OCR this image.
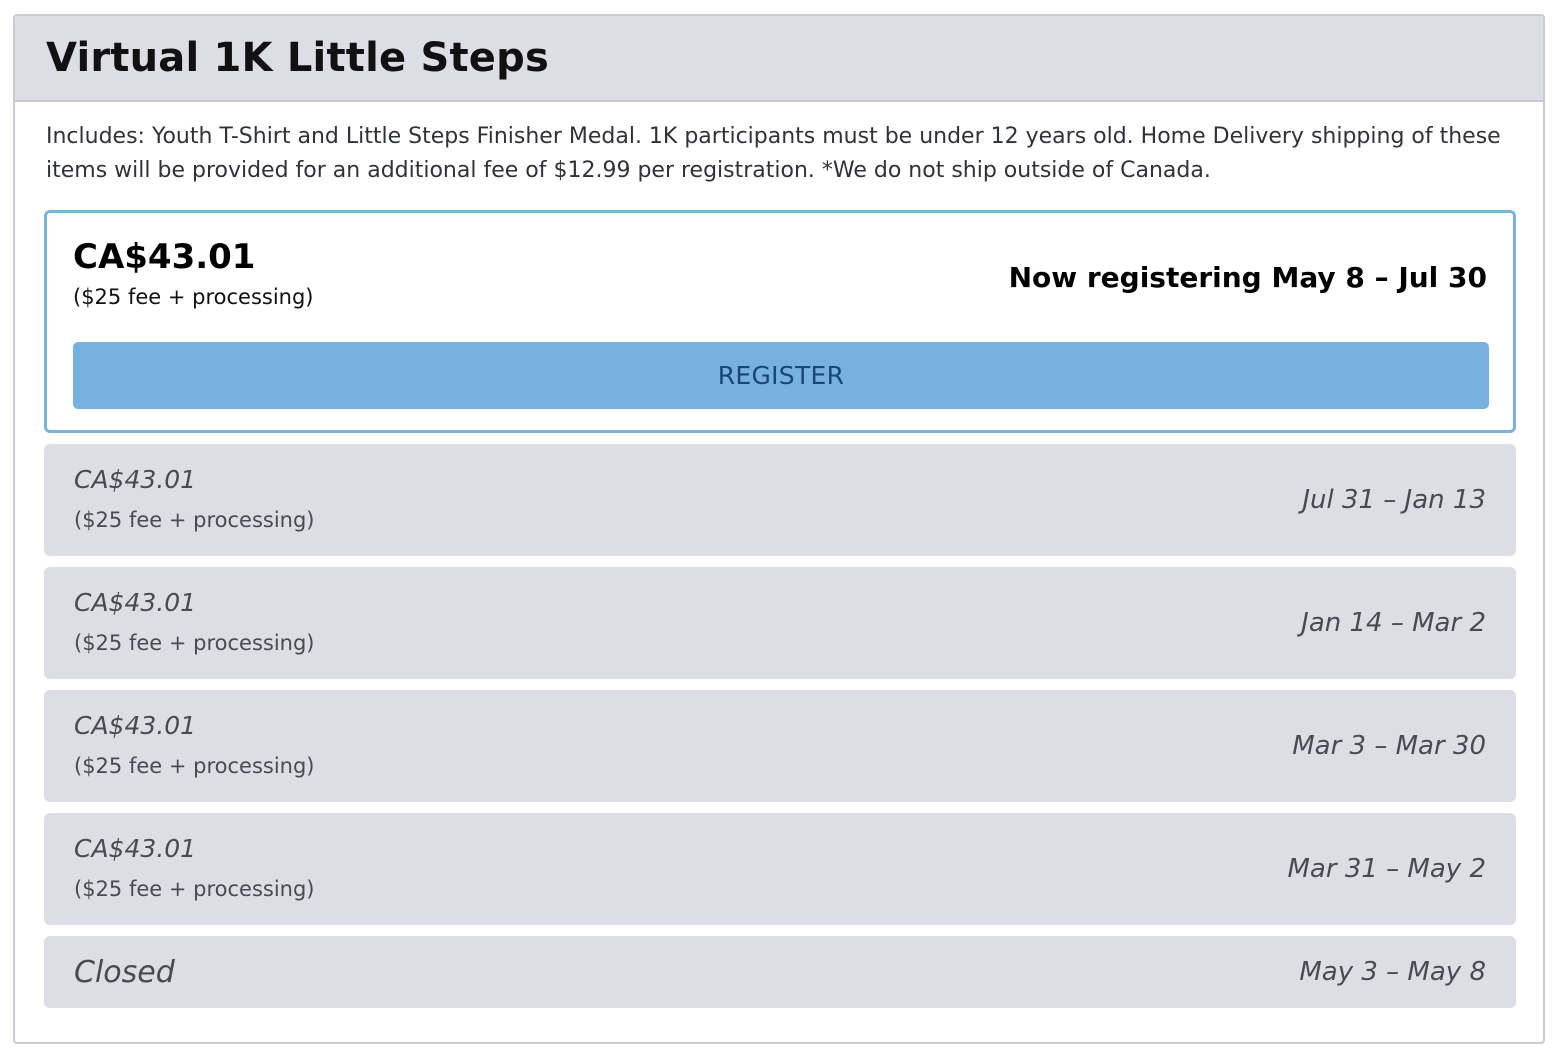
Virtual 1K Little Steps

Includes: Youth T-Shirt and Little Steps Finisher Medal. 1K participants must be under 12 years old. Home Delivery shipping of these items will be provided for an additional fee of $12.99 per registration. *We do not ship outside of Canada.

CA$43.01
($25 fee + processing)
Now registering May 8 – Jul 30
REGISTER
CA$43.01
($25 fee + processing)
Jul 31 – Jan 13
CA$43.01
($25 fee + processing)
Jan 14 – Mar 2
CA$43.01
($25 fee + processing)
Mar 3 – Mar 30
CA$43.01
($25 fee + processing)
Mar 31 – May 2
Closed	May 3 – May 8
